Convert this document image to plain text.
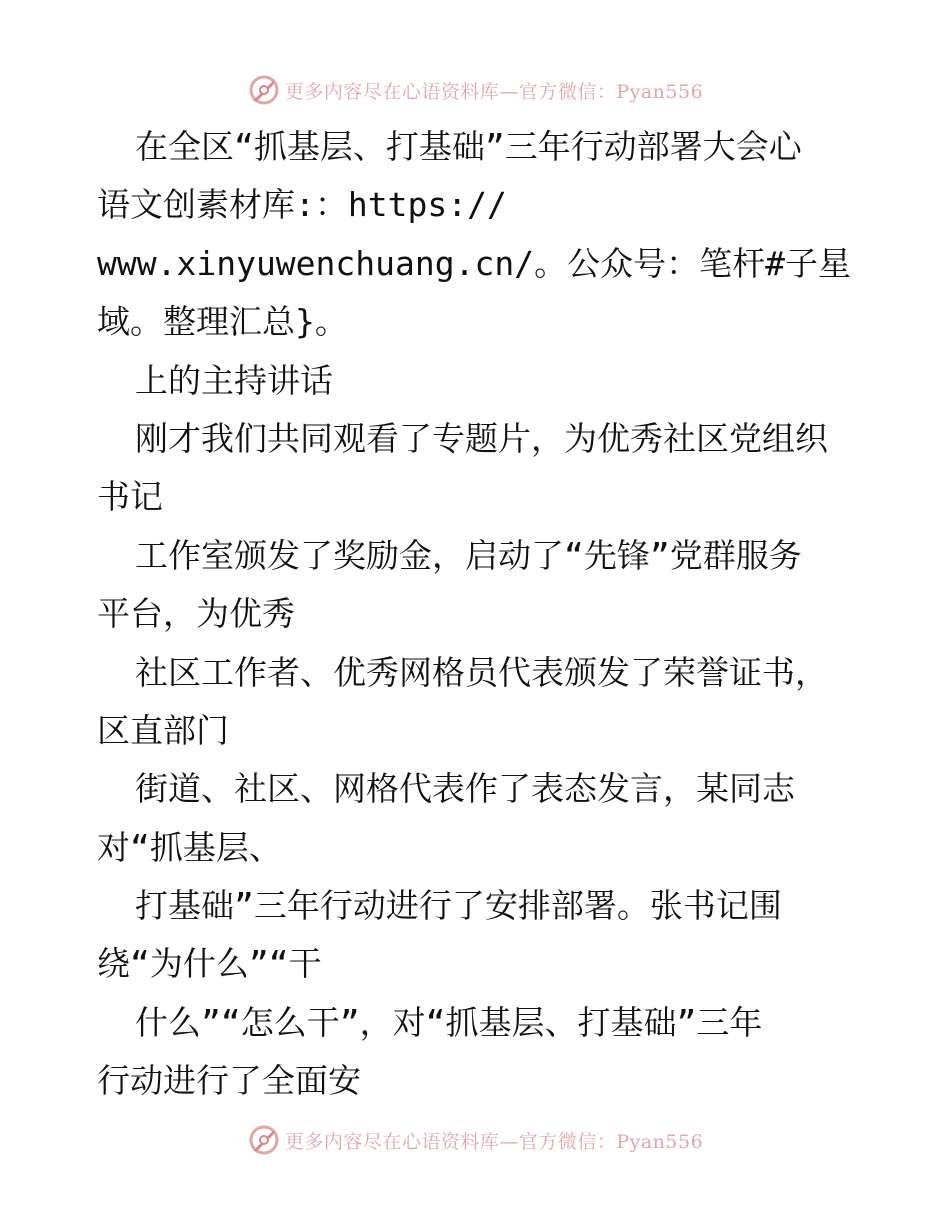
更多内容尽在心语资料库—官方微信：Pyan556
在全区“抓基层、打基础”三年行动部署大会心
语文创素材库:：https://
www.xinyuwenchuang.cn/。公众号：笔杆#子星
域。整理汇总}。
上的主持讲话
刚才我们共同观看了专题片，为优秀社区党组织
书记
工作室颁发了奖励金，启动了“先锋”党群服务
平台，为优秀
社区工作者、优秀网格员代表颁发了荣誉证书，
区直部门
街道、社区、网格代表作了表态发言，某同志
对“抓基层、
打基础”三年行动进行了安排部署。张书记围
绕“为什么”“干
什么”“怎么干”，对“抓基层、打基础”三年
行动进行了全面安
更多内容尽在心语资料库—官方微信：Pyan556
